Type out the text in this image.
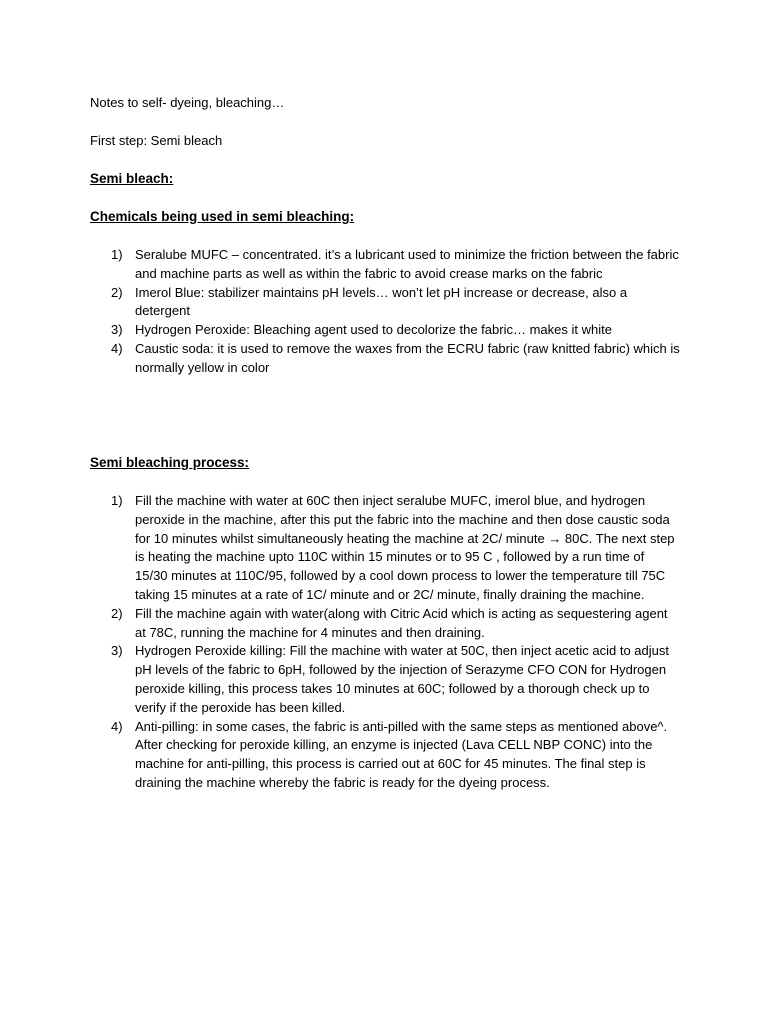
Notes to self- dyeing, bleaching…
First step: Semi bleach
Semi bleach:
Chemicals being used in semi bleaching:
1) Seralube MUFC – concentrated. it’s a lubricant used to minimize the friction between the fabric and machine parts as well as within the fabric to avoid crease marks on the fabric
2) Imerol Blue: stabilizer maintains pH levels… won’t let pH increase or decrease, also a detergent
3) Hydrogen Peroxide: Bleaching agent used to decolorize the fabric… makes it white
4) Caustic soda: it is used to remove the waxes from the ECRU fabric (raw knitted fabric) which is normally yellow in color
Semi bleaching process:
1) Fill the machine with water at 60C then inject seralube MUFC, imerol blue, and hydrogen peroxide in the machine, after this put the fabric into the machine and then dose caustic soda for 10 minutes whilst simultaneously heating the machine at 2C/ minute → 80C. The next step is heating the machine upto 110C within 15 minutes or to 95 C , followed by a run time of 15/30 minutes at 110C/95, followed by a cool down process to lower the temperature till 75C taking 15 minutes at a rate of 1C/ minute and or 2C/ minute, finally draining the machine.
2) Fill the machine again with water(along with Citric Acid which is acting as sequestering agent at 78C, running the machine for 4 minutes and then draining.
3) Hydrogen Peroxide killing: Fill the machine with water at 50C, then inject acetic acid to adjust pH levels of the fabric to 6pH, followed by the injection of Serazyme CFO CON for Hydrogen peroxide killing, this process takes 10 minutes at 60C; followed by a thorough check up to verify if the peroxide has been killed.
4) Anti-pilling: in some cases, the fabric is anti-pilled with the same steps as mentioned above^. After checking for peroxide killing, an enzyme is injected (Lava CELL NBP CONC) into the machine for anti-pilling, this process is carried out at 60C for 45 minutes. The final step is draining the machine whereby the fabric is ready for the dyeing process.
